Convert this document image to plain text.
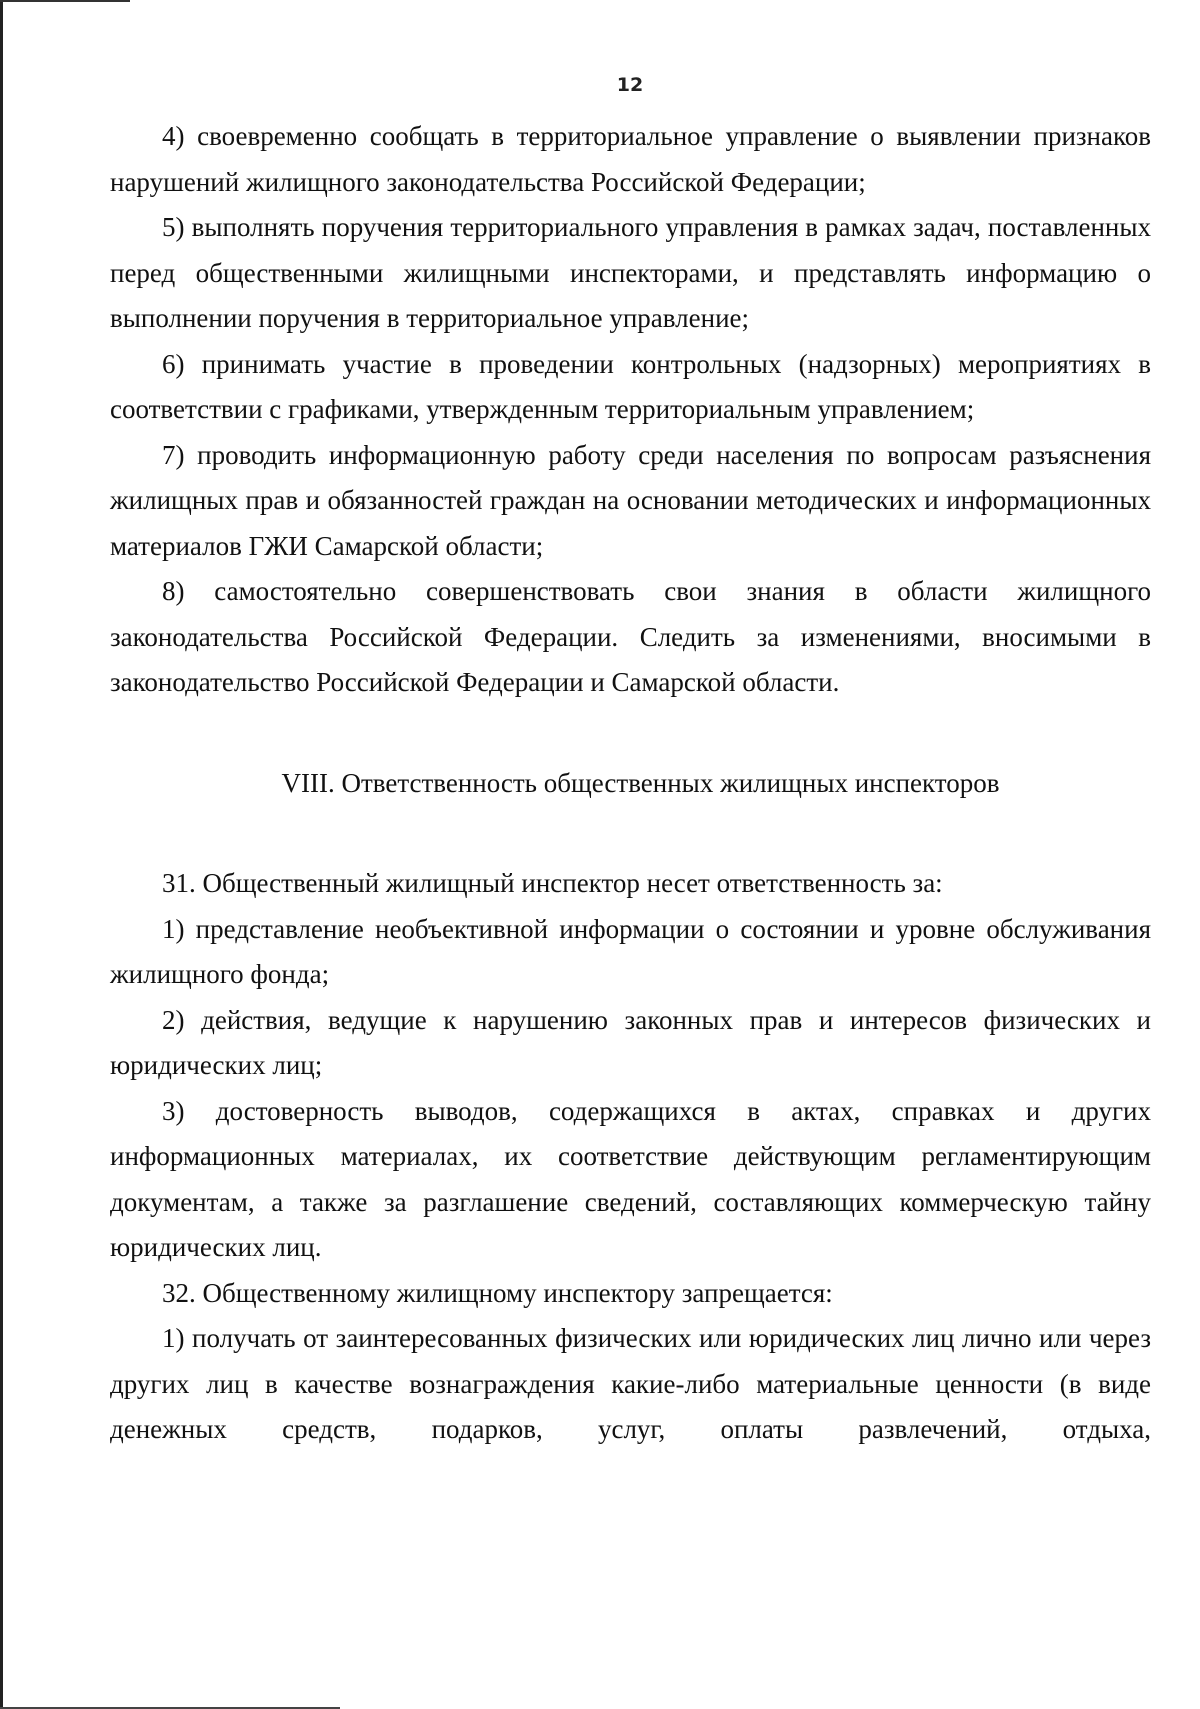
12

4) своевременно сообщать в территориальное управление о выявлении признаков нарушений жилищного законодательства Российской Федерации;

5) выполнять поручения территориального управления в рамках задач, поставленных перед общественными жилищными инспекторами, и представлять информацию о выполнении поручения в территориальное управление;

6) принимать участие в проведении контрольных (надзорных) мероприятиях в соответствии с графиками, утвержденным территориальным управлением;

7) проводить информационную работу среди населения по вопросам разъяснения жилищных прав и обязанностей граждан на основании методических и информационных материалов ГЖИ Самарской области;

8) самостоятельно совершенствовать свои знания в области жилищного законодательства Российской Федерации. Следить за изменениями, вносимыми в законодательство Российской Федерации и Самарской области.

VIII. Ответственность общественных жилищных инспекторов

31. Общественный жилищный инспектор несет ответственность за:

1) представление необъективной информации о состоянии и уровне обслуживания жилищного фонда;

2) действия, ведущие к нарушению законных прав и интересов физических и юридических лиц;

3) достоверность выводов, содержащихся в актах, справках и других информационных материалах, их соответствие действующим регламентирующим документам, а также за разглашение сведений, составляющих коммерческую тайну юридических лиц.

32. Общественному жилищному инспектору запрещается:

1) получать от заинтересованных физических или юридических лиц лично или через других лиц в качестве вознаграждения какие-либо материальные ценности (в виде денежных средств, подарков, услуг, оплаты развлечений, отдыха,
